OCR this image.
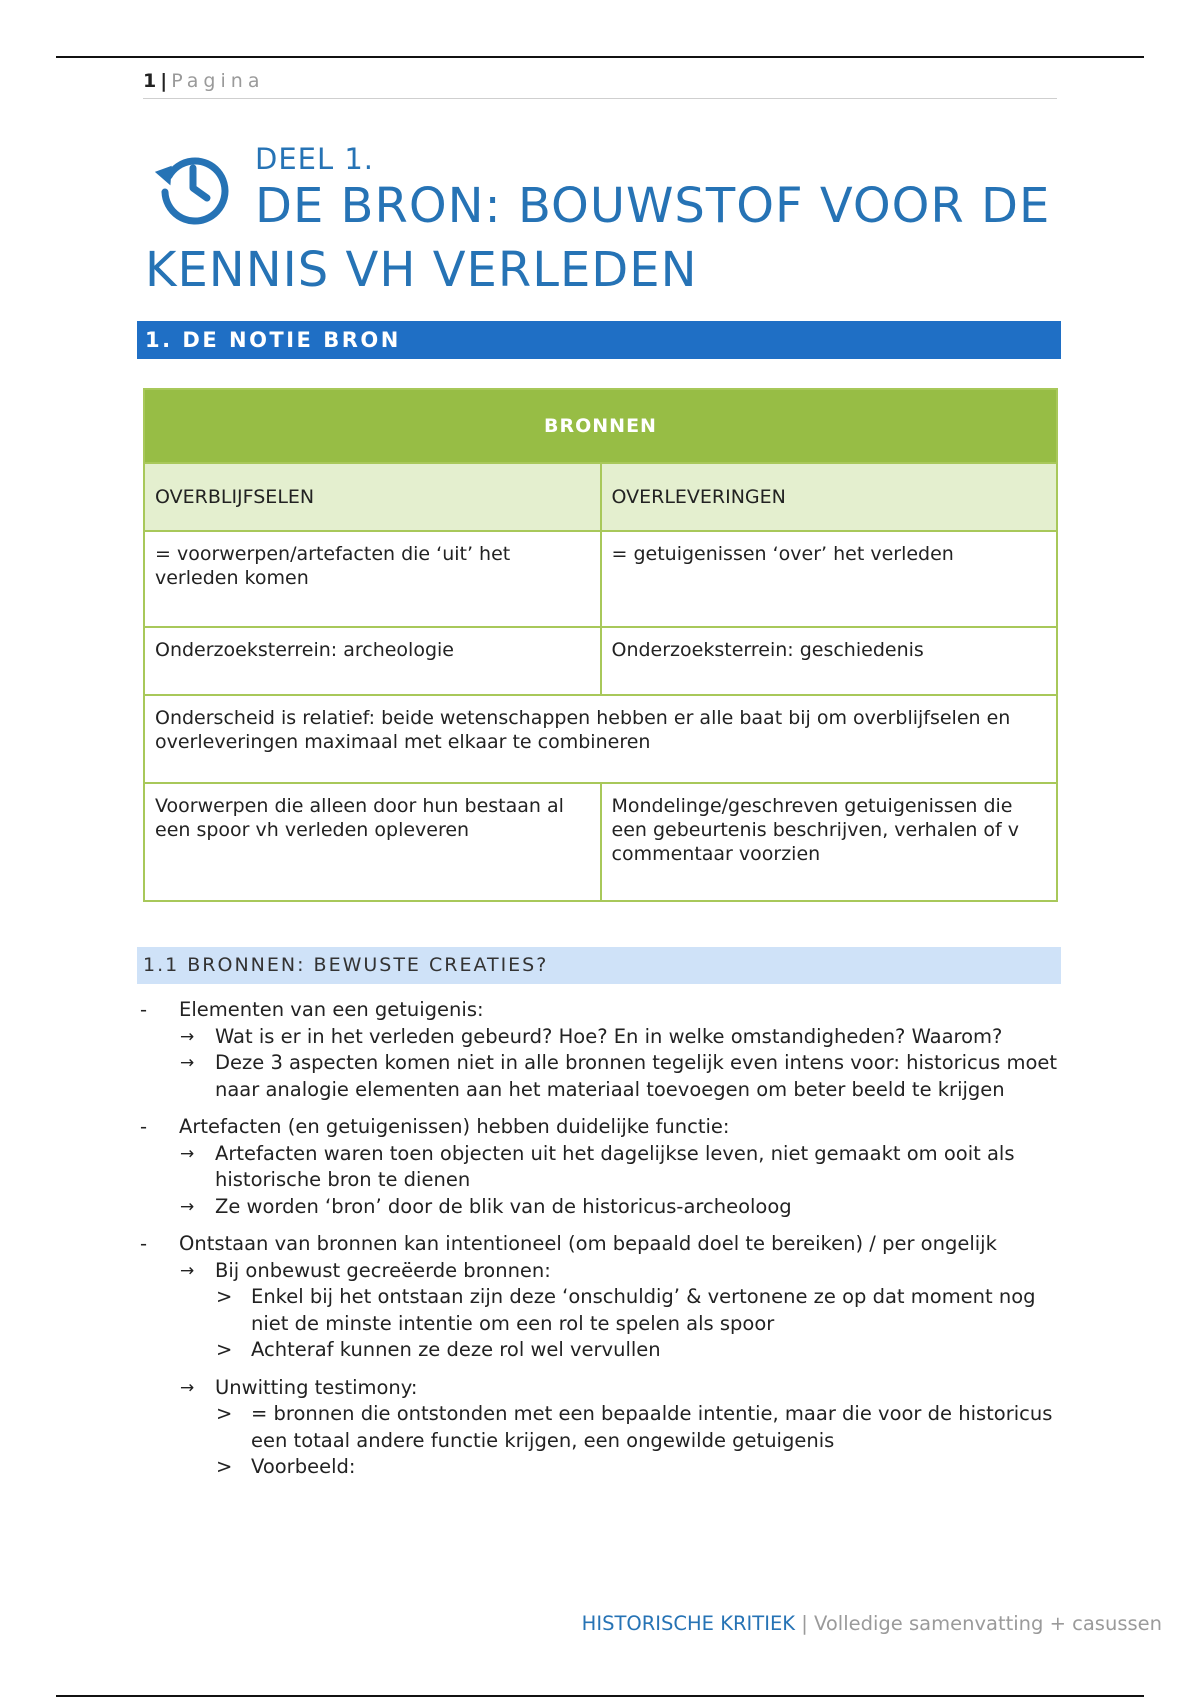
1 | Pagina
DEEL 1.
DE BRON: BOUWSTOF VOOR DE
KENNIS VH VERLEDEN
1. DE NOTIE BRON
BRONNEN	
OVERBLIJFSELEN	OVERLEVERINGEN
= voorwerpen/artefacten die ‘uit’ het verleden komen	= getuigenissen ‘over’ het verleden
Onderzoeksterrein: archeologie	Onderzoeksterrein: geschiedenis
Onderscheid is relatief: beide wetenschappen hebben er alle baat bij om overblijfselen en overleveringen maximaal met elkaar te combineren	
Voorwerpen die alleen door hun bestaan al een spoor vh verleden opleveren	Mondelinge/geschreven getuigenissen die een gebeurtenis beschrijven, verhalen of v commentaar voorzien
1.1 BRONNEN: BEWUSTE CREATIES?
-	Elementen van een getuigenis:
→ Wat is er in het verleden gebeurd? Hoe? En in welke omstandigheden? Waarom?
→ Deze 3 aspecten komen niet in alle bronnen tegelijk even intens voor: historicus moet naar analogie elementen aan het materiaal toevoegen om beter beeld te krijgen
-	Artefacten (en getuigenissen) hebben duidelijke functie:
→ Artefacten waren toen objecten uit het dagelijkse leven, niet gemaakt om ooit als historische bron te dienen
→ Ze worden ‘bron’ door de blik van de historicus-archeoloog
-	Ontstaan van bronnen kan intentioneel (om bepaald doel te bereiken) / per ongelijk
→ Bij onbewust gecreëerde bronnen:
> Enkel bij het ontstaan zijn deze ‘onschuldig’ & vertonene ze op dat moment nog niet de minste intentie om een rol te spelen als spoor
> Achteraf kunnen ze deze rol wel vervullen
→ Unwitting testimony:
> = bronnen die ontstonden met een bepaalde intentie, maar die voor de historicus een totaal andere functie krijgen, een ongewilde getuigenis
> Voorbeeld:
HISTORISCHE KRITIEK | Volledige samenvatting + casussen
